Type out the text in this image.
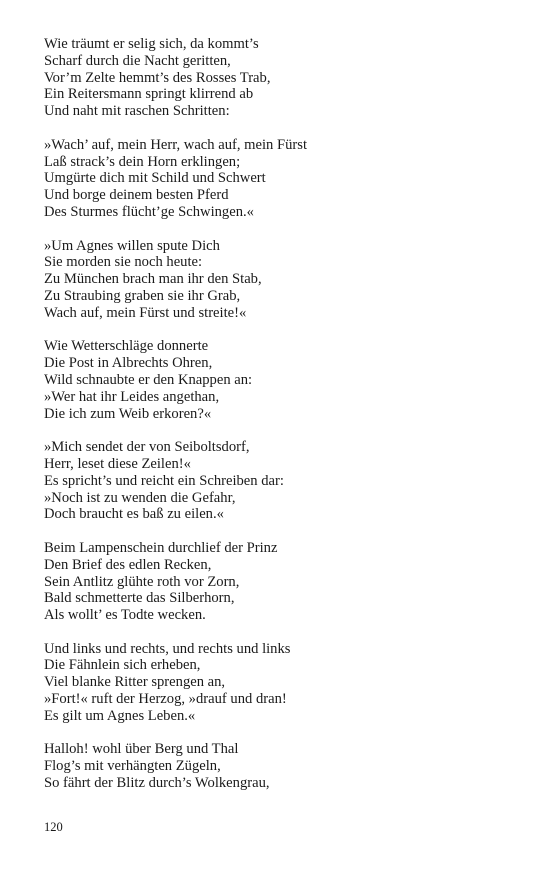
Wie träumt er selig sich, da kommt’s
Scharf durch die Nacht geritten,
Vor’m Zelte hemmt’s des Rosses Trab,
Ein Reitersmann springt klirrend ab
Und naht mit raschen Schritten:
»Wach’ auf, mein Herr, wach auf, mein Fürst
Laß strack’s dein Horn erklingen;
Umgürte dich mit Schild und Schwert
Und borge deinem besten Pferd
Des Sturmes flücht’ge Schwingen.«
»Um Agnes willen spute Dich
Sie morden sie noch heute:
Zu München brach man ihr den Stab,
Zu Straubing graben sie ihr Grab,
Wach auf, mein Fürst und streite!«
Wie Wetterschläge donnerte
Die Post in Albrechts Ohren,
Wild schnaubte er den Knappen an:
»Wer hat ihr Leides angethan,
Die ich zum Weib erkoren?«
»Mich sendet der von Seiboltsdorf,
Herr, leset diese Zeilen!«
Es spricht’s und reicht ein Schreiben dar:
»Noch ist zu wenden die Gefahr,
Doch braucht es baß zu eilen.«
Beim Lampenschein durchlief der Prinz
Den Brief des edlen Recken,
Sein Antlitz glühte roth vor Zorn,
Bald schmetterte das Silberhorn,
Als wollt’ es Todte wecken.
Und links und rechts, und rechts und links
Die Fähnlein sich erheben,
Viel blanke Ritter sprengen an,
»Fort!« ruft der Herzog, »drauf und dran!
Es gilt um Agnes Leben.«
Halloh! wohl über Berg und Thal
Flog’s mit verhängten Zügeln,
So fährt der Blitz durch’s Wolkengrau,
120
